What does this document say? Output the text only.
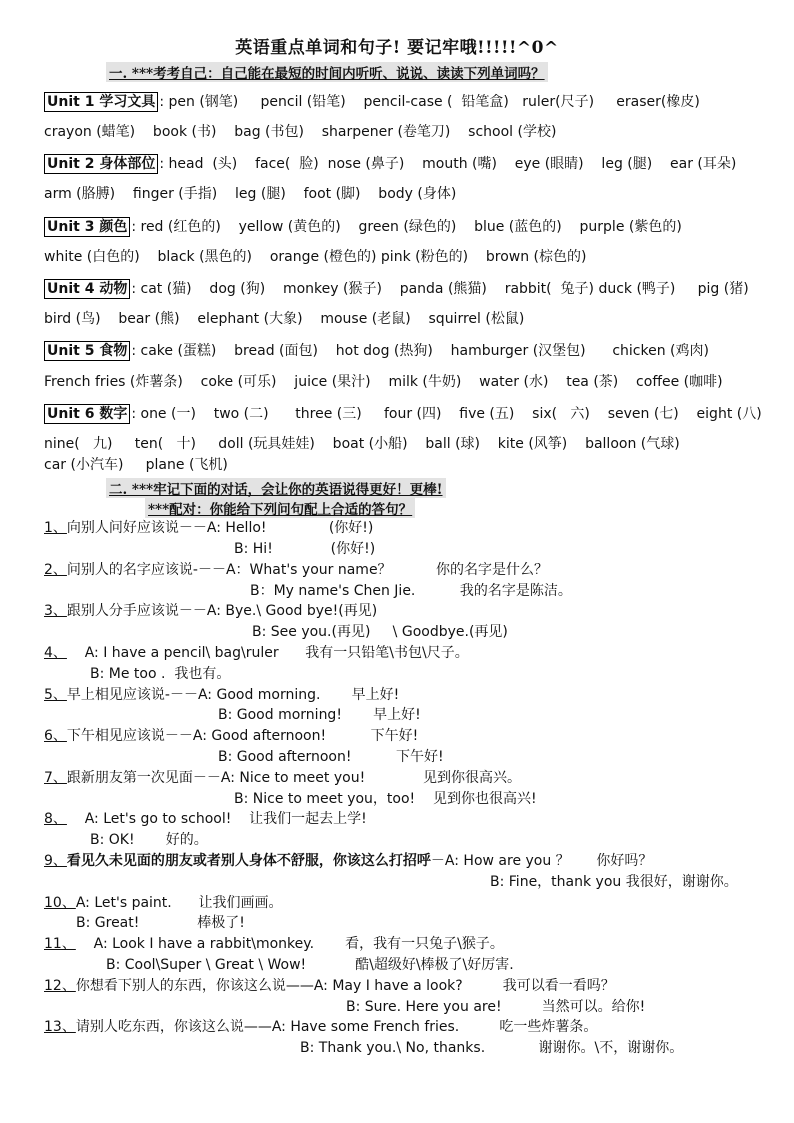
英语重点单词和句子! 要记牢哦!!!!!^0^
一. ***考考自己：自己能在最短的时间内听听、说说、读读下列单词吗？
Unit 1 学习文具 : pen (钢笔)     pencil (铅笔)    pencil-case (  铅笔盒)   ruler(尺子)     eraser(橡皮)
crayon (蜡笔)    book (书)    bag (书包)    sharpener (卷笔刀)    school (学校)
Unit 2 身体部位 : head  (头)    face(  脸)  nose (鼻子)    mouth (嘴)    eye (眼睛)    leg (腿)    ear (耳朵)
arm (胳膊)    finger (手指)    leg (腿)    foot (脚)    body (身体)
Unit 3 颜色 : red (红色的)    yellow (黄色的)    green (绿色的)    blue (蓝色的)    purple (紫色的)
white (白色的)    black (黑色的)    orange (橙色的) pink (粉色的)    brown (棕色的)
Unit 4 动物 : cat (猫)    dog (狗)    monkey (猴子)    panda (熊猫)    rabbit(  兔子) duck (鸭子)     pig (猪)
bird (鸟)    bear (熊)    elephant (大象)    mouse (老鼠)    squirrel (松鼠)
Unit 5 食物 : cake (蛋糕)    bread (面包)    hot dog (热狗)    hamburger (汉堡包)      chicken (鸡肉)
French fries (炸薯条)    coke (可乐)    juice (果汁)    milk (牛奶)    water (水)    tea (茶)    coffee (咖啡)
Unit 6 数字 : one (一)    two (二)      three (三)     four (四)    five (五)    six(   六)    seven (七)    eight (八)
nine(   九)     ten(   十)     doll (玩具娃娃)    boat (小船)    ball (球)    kite (风筝)    balloon (气球)
car (小汽车)     plane (飞机)
二. ***牢记下面的对话，会让你的英语说得更好！更棒!
***配对：你能给下列问句配上合适的答句？
1、向别人问好应该说－－A: Hello!              (你好!)
B: Hi!             (你好!)
2、问别人的名字应该说-－－A：What's your name？          你的名字是什么？
B：My name's Chen Jie.          我的名字是陈洁。
3、跟别人分手应该说－－A: Bye.\ Good bye!(再见)
B: See you.(再见)     \ Goodbye.(再见)
4、    A: I have a pencil\ bag\ruler      我有一只铅笔\书包\尺子。
B: Me too .  我也有。
5、早上相见应该说-－－A: Good morning.       早上好!
B: Good morning!       早上好!
6、下午相见应该说－－A: Good afternoon!          下午好!
B: Good afternoon!          下午好!
7、跟新朋友第一次见面－－A: Nice to meet you!             见到你很高兴。
B: Nice to meet you，too!    见到你也很高兴!
8、    A: Let's go to school!    让我们一起去上学!
B: OK!       好的。
9、看见久未见面的朋友或者别人身体不舒服，你该这么打招呼－A: How are you ？      你好吗？
B: Fine，thank you 我很好，谢谢你。
10、A: Let's paint.      让我们画画。
B: Great!             棒极了!
11、    A: Look I have a rabbit\monkey.       看，我有一只兔子\猴子。
B: Cool\Super \ Great \ Wow!           酷\超级好\棒极了\好厉害.
12、你想看下别人的东西，你该这么说——A: May I have a look?         我可以看一看吗？
B: Sure. Here you are!         当然可以。给你!
13、请别人吃东西，你该这么说——A: Have some French fries.         吃一些炸薯条。
B: Thank you.\ No, thanks.            谢谢你。\不，谢谢你。
